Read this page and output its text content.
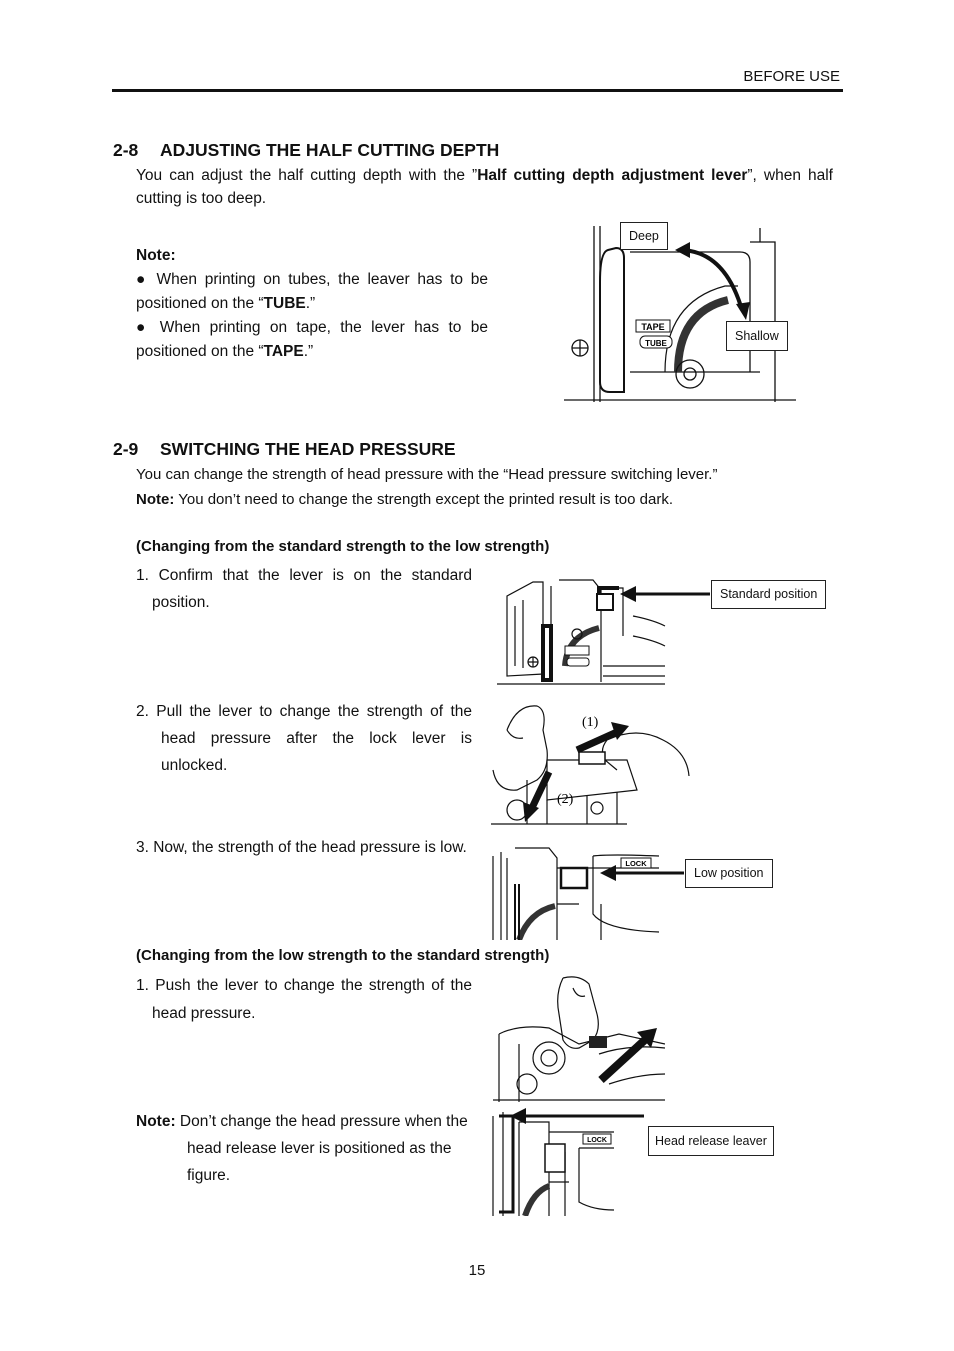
BEFORE USE
2-8 ADJUSTING THE HALF CUTTING DEPTH
You can adjust the half cutting depth with the ”Half cutting depth adjustment lever”, when half cutting is too deep.
Note:
● When printing on tubes, the leaver has to be positioned on the “TUBE.”
● When printing on tape, the lever has to be positioned on the “TAPE.”
TAPE
TUBE
Deep
Shallow
2-9 SWITCHING THE HEAD PRESSURE
You can change the strength of head pressure with the “Head pressure switching lever.”
Note: You don’t need to change the strength except the printed result is too dark.
(Changing from the standard strength to the low strength)
1. Confirm that the lever is on the standard position.
2. Pull the lever to change the strength of the head pressure after the lock lever is unlocked.
3. Now, the strength of the head pressure is low.
Standard position
(1)
(2)
LOCK
Low position
(Changing from the low strength to the standard strength)
1. Push the lever to change the strength of the head pressure.
Note: Don’t change the head pressure when the head release lever is positioned as the figure.
LOCK	Head release leaver
15
